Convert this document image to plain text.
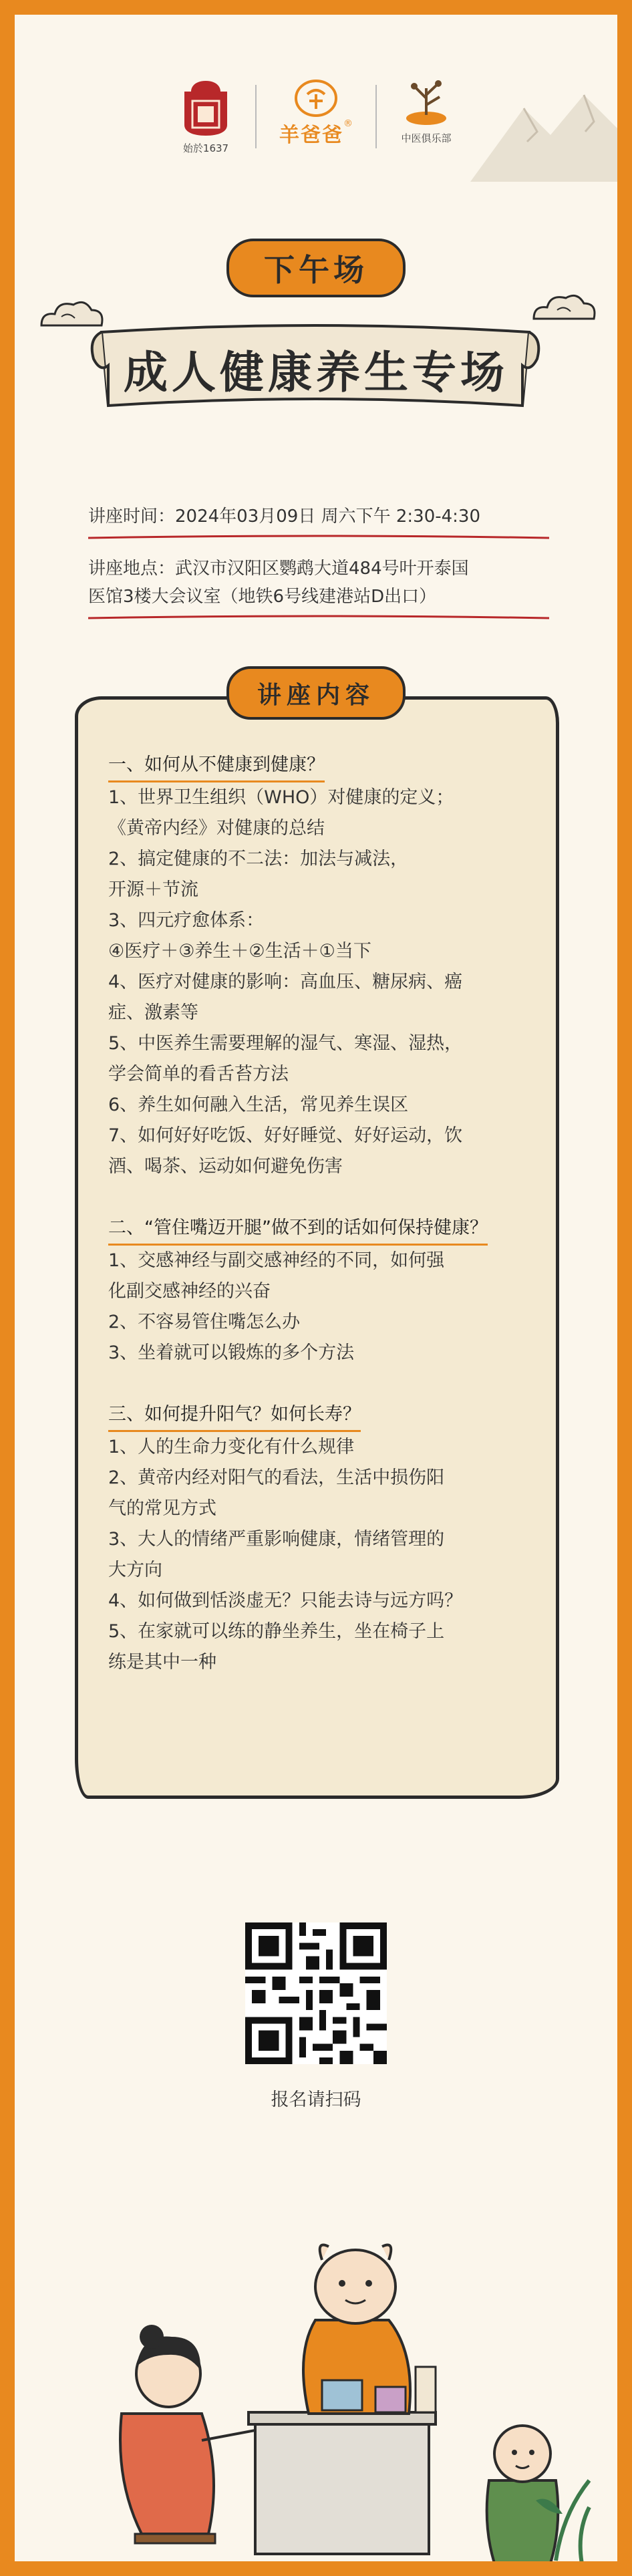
始於1637
羊爸爸 ®
中医俱乐部
下午场
成人健康养生专场
讲座时间：2024年03月09日 周六下午 2:30-4:30
讲座地点：武汉市汉阳区鹦鹉大道484号叶开泰国
医馆3楼大会议室（地铁6号线建港站D出口）
讲座内容
一、如何从不健康到健康？
1、世界卫生组织（WHO）对健康的定义；
《黄帝内经》对健康的总结
2、搞定健康的不二法：加法与减法，
开源＋节流
3、四元疗愈体系：
④医疗＋③养生＋②生活＋①当下
4、医疗对健康的影响：高血压、糖尿病、癌
症、激素等
5、中医养生需要理解的湿气、寒湿、湿热，
学会简单的看舌苔方法
6、养生如何融入生活，常见养生误区
7、如何好好吃饭、好好睡觉、好好运动，饮
酒、喝茶、运动如何避免伤害
二、“管住嘴迈开腿”做不到的话如何保持健康？
1、交感神经与副交感神经的不同，如何强
化副交感神经的兴奋
2、不容易管住嘴怎么办
3、坐着就可以锻炼的多个方法
三、如何提升阳气？如何长寿？
1、人的生命力变化有什么规律
2、黄帝内经对阳气的看法，生活中损伤阳
气的常见方式
3、大人的情绪严重影响健康，情绪管理的
大方向
4、如何做到恬淡虚无？只能去诗与远方吗？
5、在家就可以练的静坐养生，坐在椅子上
练是其中一种
报名请扫码
